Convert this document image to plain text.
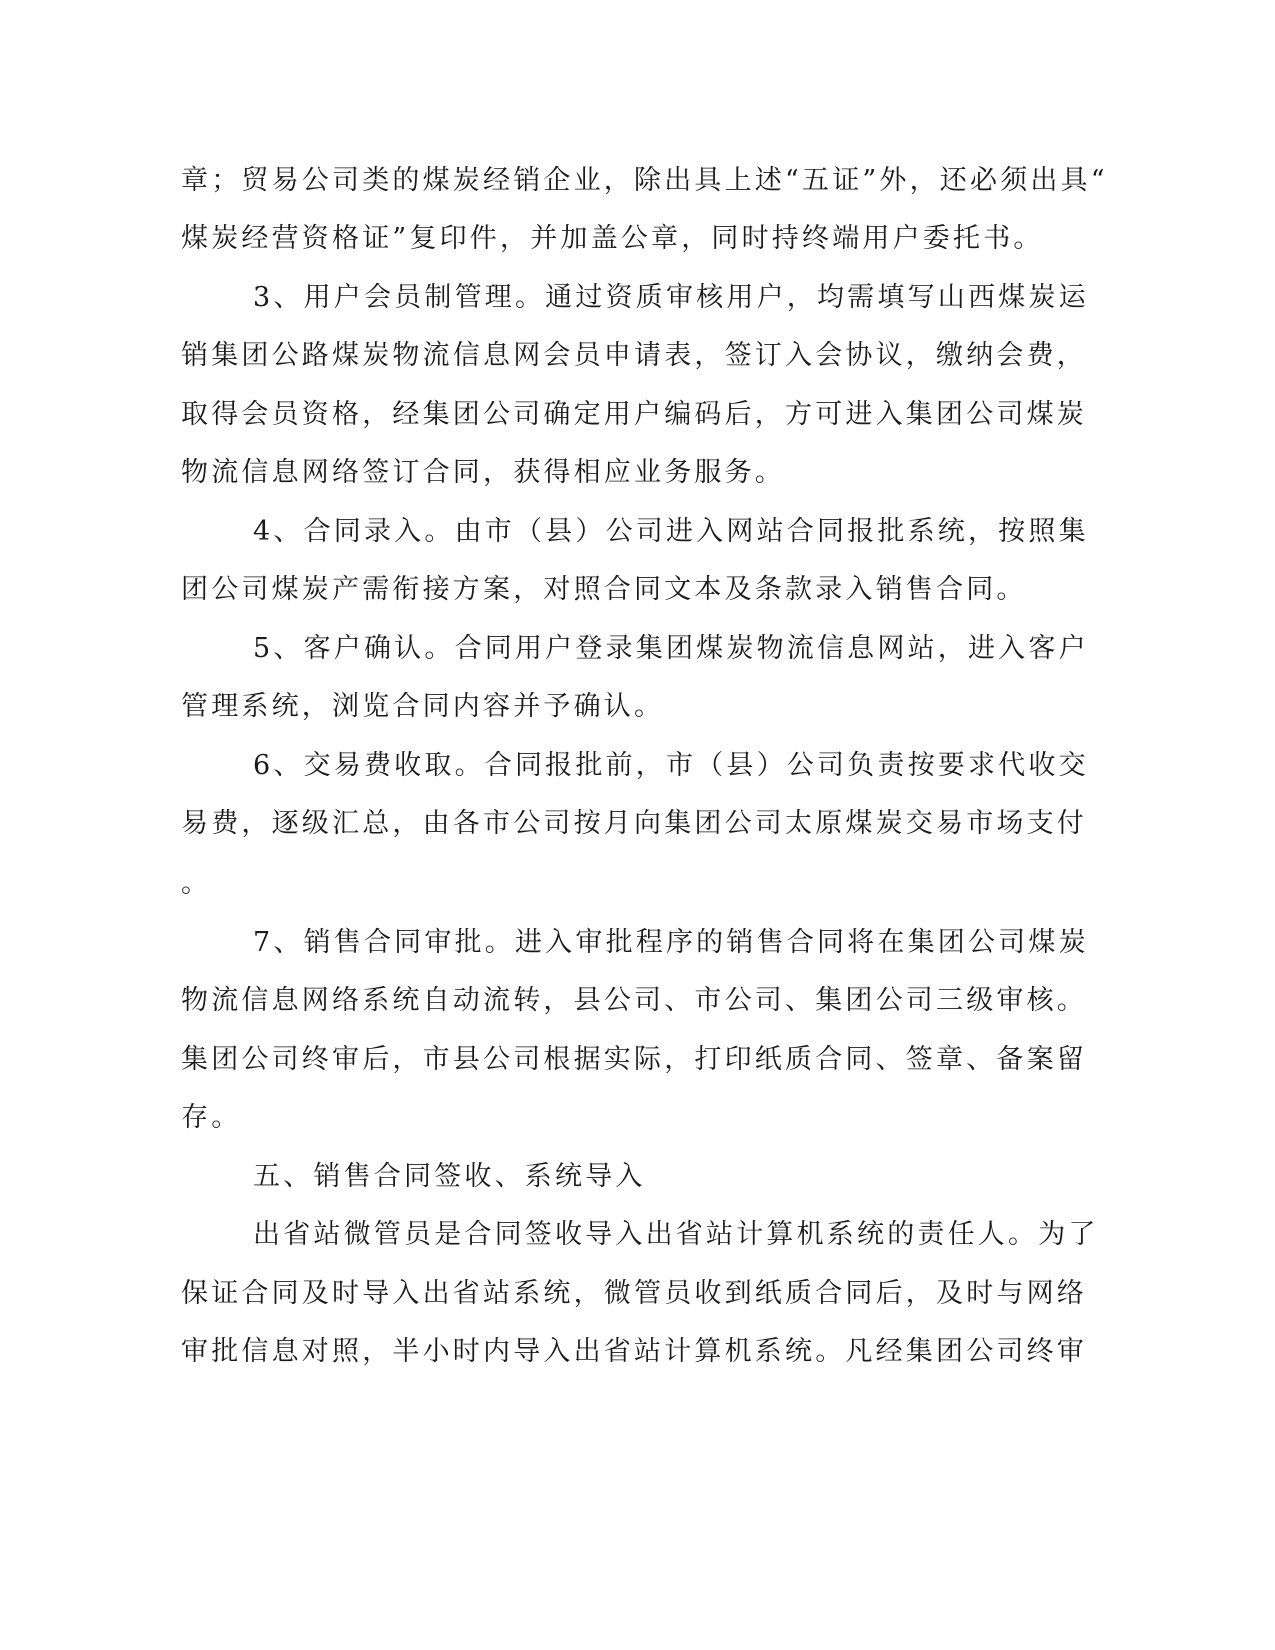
章；贸易公司类的煤炭经销企业，除出具上述“五证”外，还必须出具“
煤炭经营资格证”复印件，并加盖公章，同时持终端用户委托书。
3、用户会员制管理。通过资质审核用户，均需填写山西煤炭运
销集团公路煤炭物流信息网会员申请表，签订入会协议，缴纳会费，
取得会员资格，经集团公司确定用户编码后，方可进入集团公司煤炭
物流信息网络签订合同，获得相应业务服务。
4、合同录入。由市（县）公司进入网站合同报批系统，按照集
团公司煤炭产需衔接方案，对照合同文本及条款录入销售合同。
5、客户确认。合同用户登录集团煤炭物流信息网站，进入客户
管理系统，浏览合同内容并予确认。
6、交易费收取。合同报批前，市（县）公司负责按要求代收交
易费，逐级汇总，由各市公司按月向集团公司太原煤炭交易市场支付
。
7、销售合同审批。进入审批程序的销售合同将在集团公司煤炭
物流信息网络系统自动流转，县公司、市公司、集团公司三级审核。
集团公司终审后，市县公司根据实际，打印纸质合同、签章、备案留
存。
五、销售合同签收、系统导入
出省站微管员是合同签收导入出省站计算机系统的责任人。为了
保证合同及时导入出省站系统，微管员收到纸质合同后，及时与网络
审批信息对照，半小时内导入出省站计算机系统。凡经集团公司终审
